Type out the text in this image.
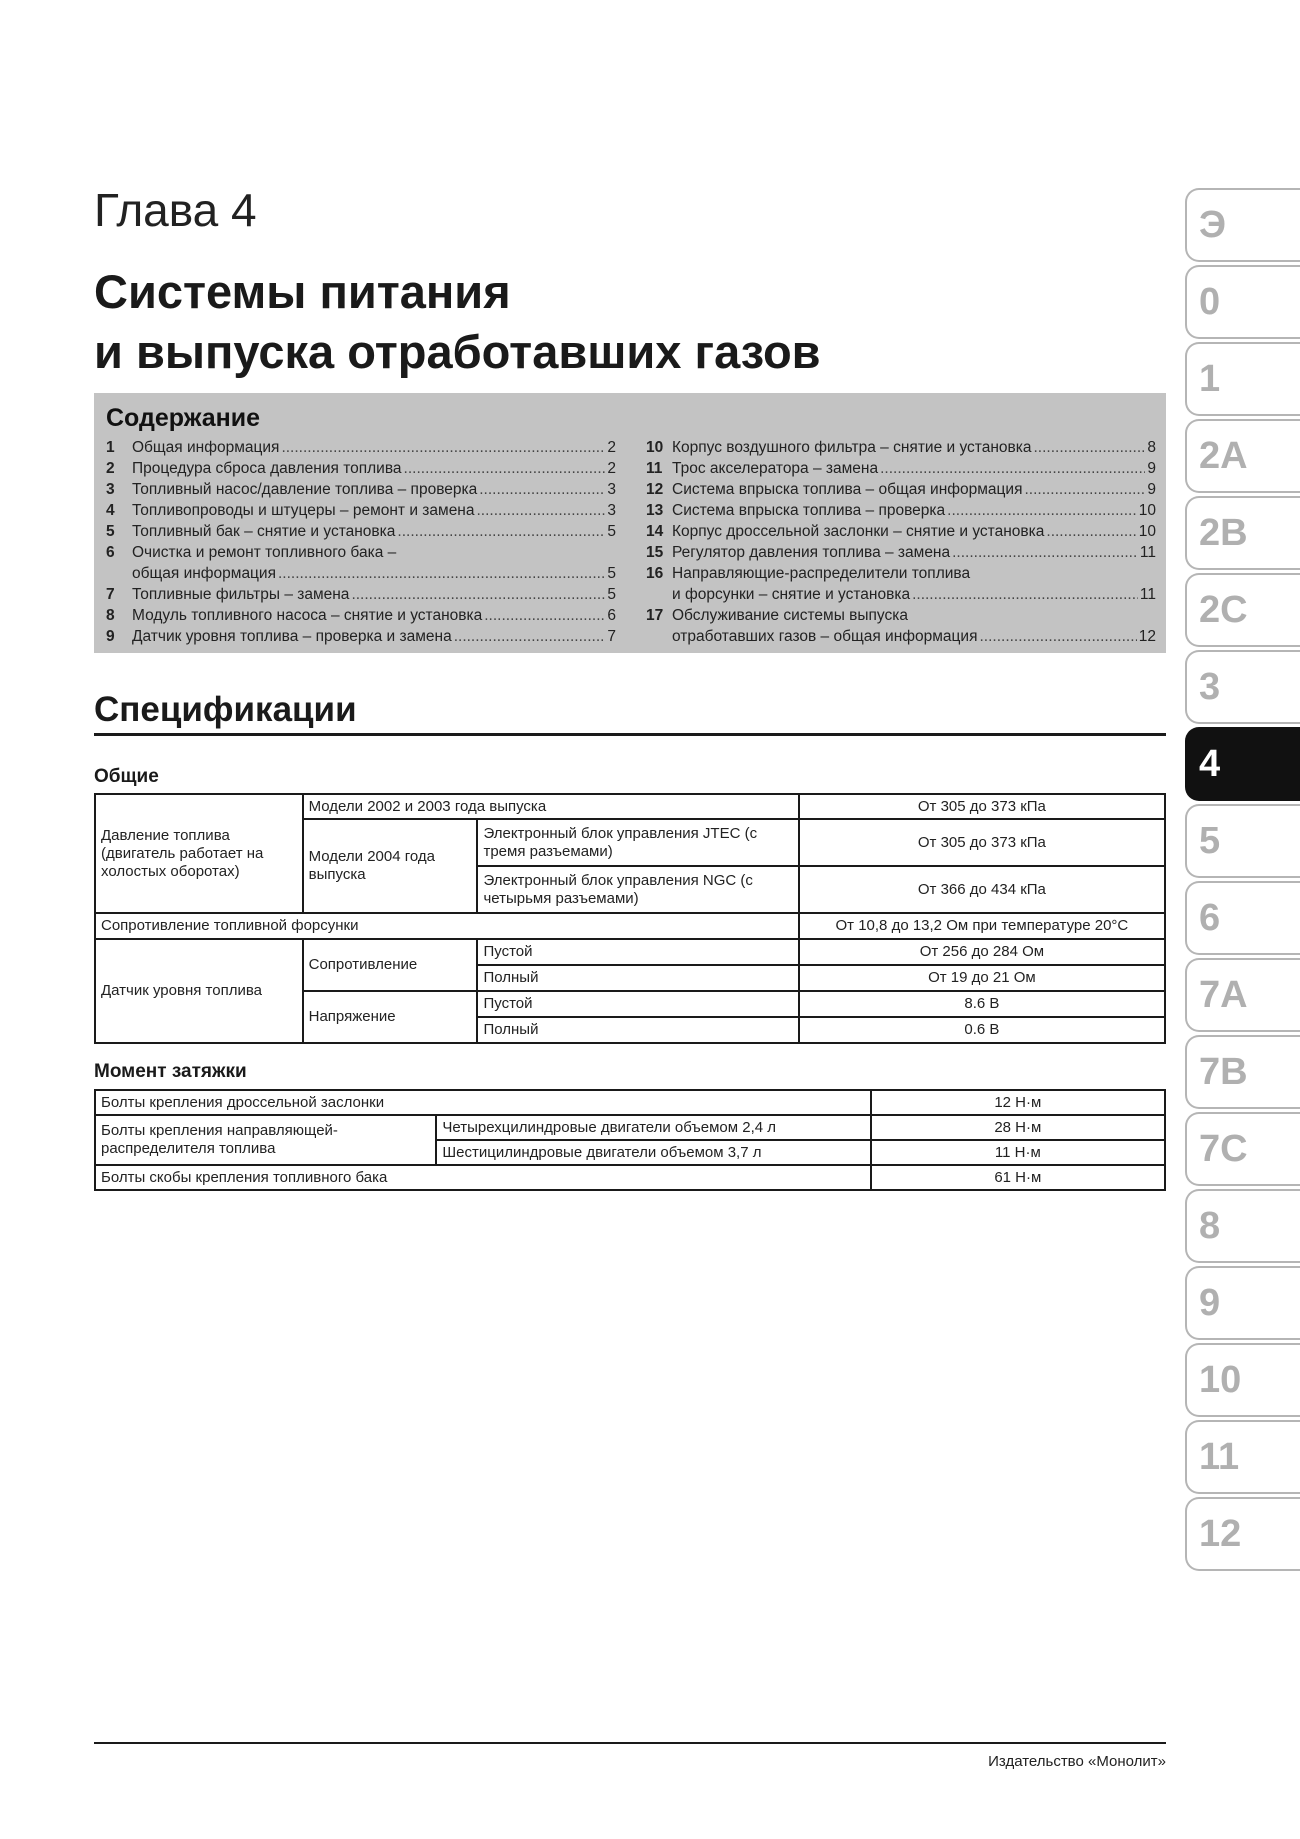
Глава 4
Системы питания
и выпуска отработавших газов
Содержание
1	Общая информация .....	2
2	Процедура сброса давления топлива .....	2
3	Топливный насос/давление топлива – проверка .....	3
4	Топливопроводы и штуцеры – ремонт и замена .....	3
5	Топливный бак – снятие и установка .....	5
6	Очистка и ремонт топливного бака –
общая информация .....	5
7	Топливные фильтры – замена .....	5
8	Модуль топливного насоса – снятие и установка .....	6
9	Датчик уровня топлива – проверка и замена .....	7
10 Корпус воздушного фильтра – снятие и установка .....	8
11 Трос акселератора – замена .....	9
12 Система впрыска топлива – общая информация .....	9
13 Система впрыска топлива – проверка .....	10
14 Корпус дроссельной заслонки – снятие и установка .....	10
15 Регулятор давления топлива – замена .....	11
16 Направляющие-распределители топлива
и форсунки – снятие и установка .....	11
17 Обслуживание системы выпуска
отработавших газов – общая информация .....	12
Спецификации
Общие
Давление топлива (двигатель работает на холостых оборотах)	Модели 2002 и 2003 года выпуска		От 305 до 373 кПа
	Модели 2004 года выпуска	Электронный блок управления JTEC (с тремя разъемами)	От 305 до 373 кПа
		Электронный блок управления NGC (с четырьмя разъемами)	От 366 до 434 кПа
Сопротивление топливной форсунки			От 10,8 до 13,2 Ом при температуре 20°С
Датчик уровня топлива	Сопротивление	Пустой	От 256 до 284 Ом
		Полный	От 19 до 21 Ом
	Напряжение	Пустой	8.6 В
		Полный	0.6 В
Момент затяжки
Болты крепления дроссельной заслонки		12 Н·м
Болты крепления направляющей-распределителя топлива	Четырехцилиндровые двигатели объемом 2,4 л	28 Н·м
	Шестицилиндровые двигатели объемом 3,7 л	11 Н·м
Болты скобы крепления топливного бака		61 Н·м
Издательство «Монолит»
Э
0
1
2A
2B
2C
3
4
5
6
7A
7B
7C
8
9
10
11
12
